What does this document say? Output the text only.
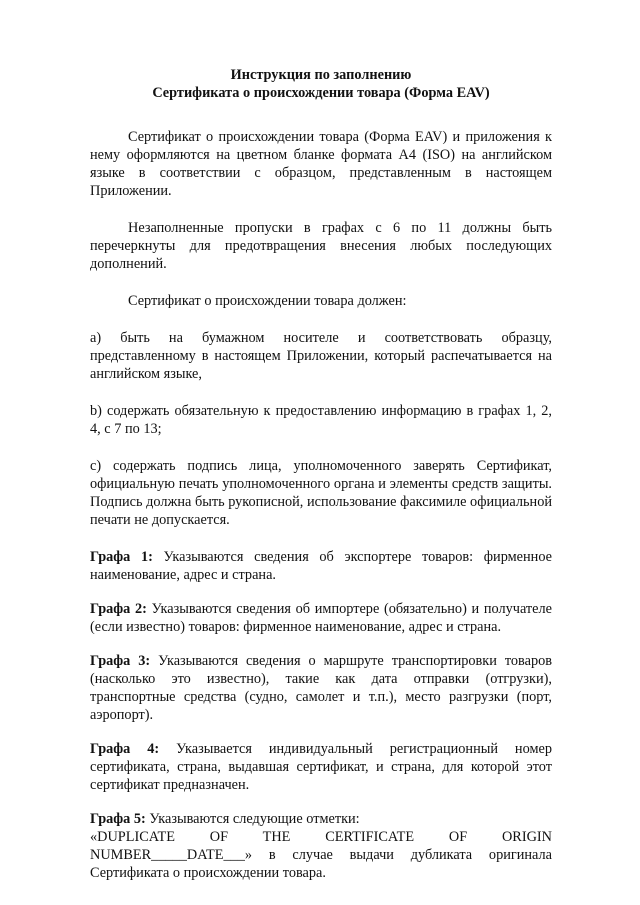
Инструкция по заполнению
Сертификата о происхождении товара (Форма EAV)

Сертификат о происхождении товара (Форма EAV) и приложения к нему оформляются на цветном бланке формата А4 (ISO) на английском языке в соответствии с образцом, представленным в настоящем Приложении.

Незаполненные пропуски в графах с 6 по 11 должны быть перечеркнуты для предотвращения внесения любых последующих дополнений.

Сертификат о происхождении товара должен:

а) быть на бумажном носителе и соответствовать образцу, представленному в настоящем Приложении, который распечатывается на английском языке,

b) содержать обязательную к предоставлению информацию в графах 1, 2, 4, с 7 по 13;

c) содержать подпись лица, уполномоченного заверять Сертификат, официальную печать уполномоченного органа и элементы средств защиты. Подпись должна быть рукописной, использование факсимиле официальной печати не допускается.

Графа 1: Указываются сведения об экспортере товаров: фирменное наименование, адрес и страна.

Графа 2: Указываются сведения об импортере (обязательно) и получателе (если известно) товаров: фирменное наименование, адрес и страна.

Графа 3: Указываются сведения о маршруте транспортировки товаров (насколько это известно), такие как дата отправки (отгрузки), транспортные средства (судно, самолет и т.п.), место разгрузки (порт, аэропорт).

Графа 4: Указывается индивидуальный регистрационный номер сертификата, страна, выдавшая сертификат, и страна, для которой этот сертификат предназначен.

Графа 5: Указываются следующие отметки:

«DUPLICATE OF THE CERTIFICATE OF ORIGIN

NUMBER_____DATE___» в случае выдачи дубликата оригинала Сертификата о происхождении товара.
